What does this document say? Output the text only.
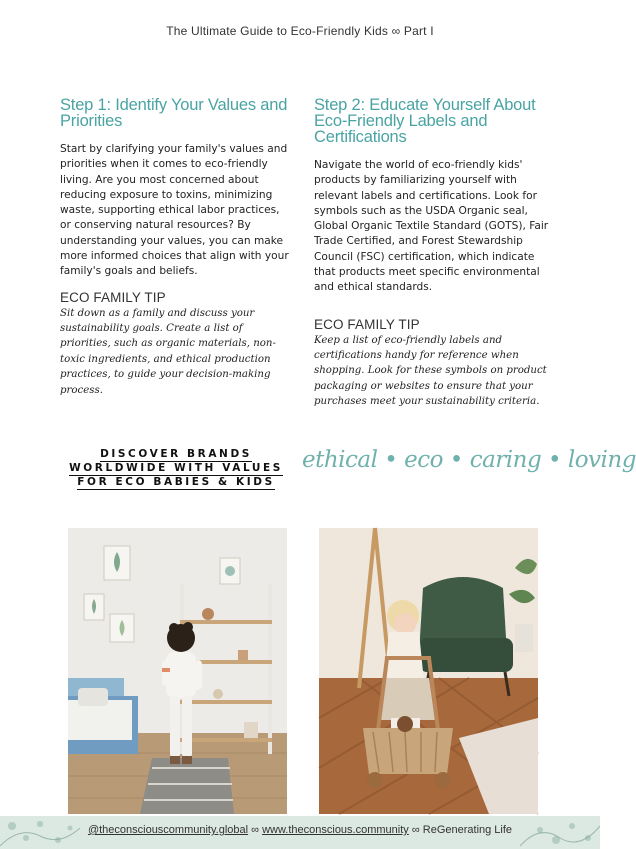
The Ultimate Guide to Eco-Friendly Kids ∞ Part I
Step 1: Identify Your Values and Priorities

Start by clarifying your family's values and priorities when it comes to eco-friendly living. Are you most concerned about reducing exposure to toxins, minimizing waste, supporting ethical labor practices, or conserving natural resources? By understanding your values, you can make more informed choices that align with your family's goals and beliefs.

ECO FAMILY TIP

Sit down as a family and discuss your sustainability goals. Create a list of priorities, such as organic materials, non-toxic ingredients, and ethical production practices, to guide your decision-making process.

Step 2: Educate Yourself About Eco-Friendly Labels and Certifications

Navigate the world of eco-friendly kids' products by familiarizing yourself with relevant labels and certifications. Look for symbols such as the USDA Organic seal, Global Organic Textile Standard (GOTS), Fair Trade Certified, and Forest Stewardship Council (FSC) certification, which indicate that products meet specific environmental and ethical standards.

ECO FAMILY TIP

Keep a list of eco-friendly labels and certifications handy for reference when shopping. Look for these symbols on product packaging or websites to ensure that your purchases meet your sustainability criteria.

DISCOVER BRANDS
WORLDWIDE WITH VALUES
FOR ECO BABIES & KIDS
ethical • eco • caring • loving
@theconsciouscommunity.global ∞ www.theconscious.community ∞ ReGenerating Life
